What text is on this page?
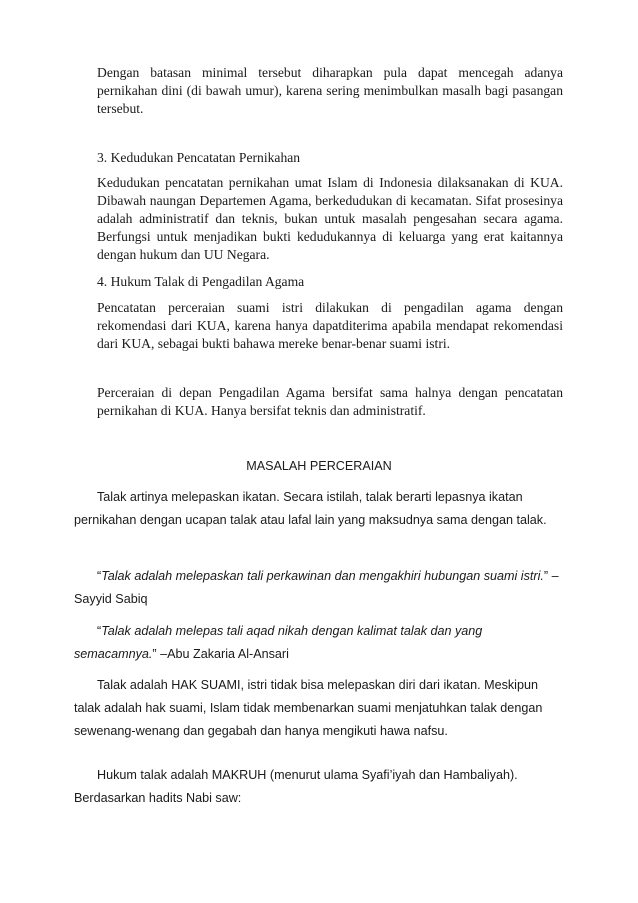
Dengan batasan minimal tersebut diharapkan pula dapat mencegah adanya pernikahan dini (di bawah umur), karena sering menimbulkan masalh bagi pasangan tersebut.
3. Kedudukan Pencatatan Pernikahan
Kedudukan pencatatan pernikahan umat Islam di Indonesia dilaksanakan di KUA. Dibawah naungan Departemen Agama, berkedudukan di kecamatan. Sifat prosesinya adalah administratif dan teknis, bukan untuk masalah pengesahan secara agama. Berfungsi untuk menjadikan bukti kedudukannya di keluarga yang erat kaitannya dengan hukum dan UU Negara.
4. Hukum Talak di Pengadilan Agama
Pencatatan perceraian suami istri dilakukan di pengadilan agama dengan rekomendasi dari KUA, karena hanya dapatditerima apabila mendapat rekomendasi dari KUA, sebagai bukti bahawa mereke benar-benar suami istri.
Perceraian di depan Pengadilan Agama bersifat sama halnya dengan pencatatan pernikahan di KUA. Hanya bersifat teknis dan administratif.
MASALAH PERCERAIAN
Talak artinya melepaskan ikatan. Secara istilah, talak berarti lepasnya ikatan pernikahan dengan ucapan talak atau lafal lain yang maksudnya sama dengan talak.
“Talak adalah melepaskan tali perkawinan dan mengakhiri hubungan suami istri.” –Sayyid Sabiq
“Talak adalah melepas tali aqad nikah dengan kalimat talak dan yang semacamnya.” –Abu Zakaria Al-Ansari
Talak adalah HAK SUAMI, istri tidak bisa melepaskan diri dari ikatan. Meskipun talak adalah hak suami, Islam tidak membenarkan suami menjatuhkan talak dengan sewenang-wenang dan gegabah dan hanya mengikuti hawa nafsu.
Hukum talak adalah MAKRUH (menurut ulama Syafi’iyah dan Hambaliyah). Berdasarkan hadits Nabi saw:
